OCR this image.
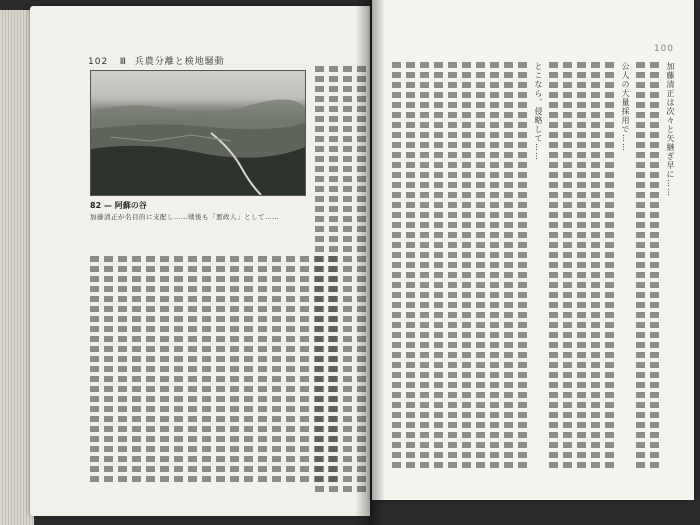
102 Ⅲ 兵農分離と検地騒動
82 — 阿蘇の谷
加藤清正が名目的に支配し……戦後も「悪政人」として……
100
加藤清正は次々と矢継ぎ早に……
公人の大量採用で……
とこなら、侵略して……
